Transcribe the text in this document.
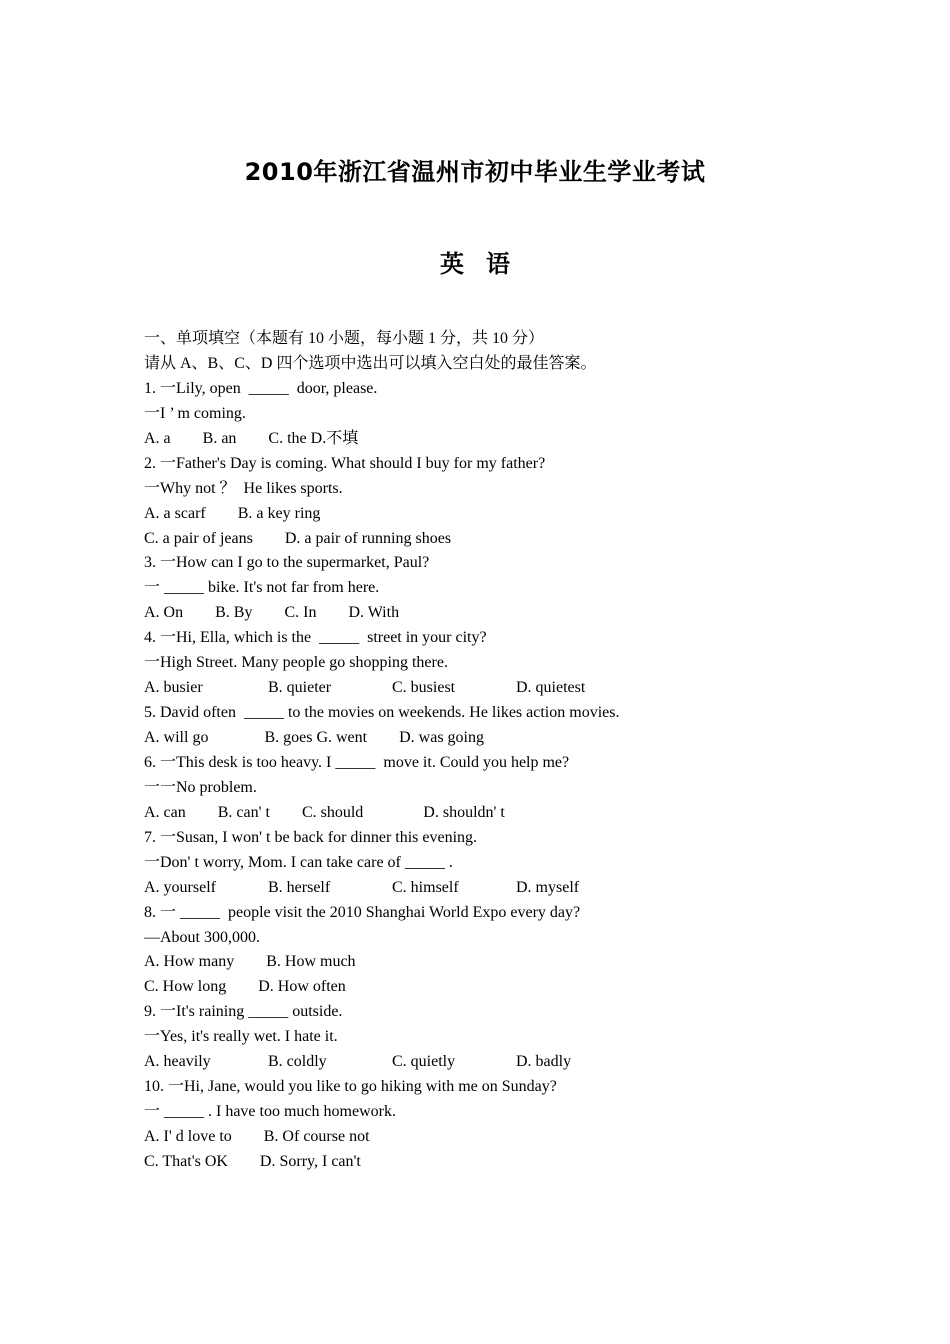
2010年浙江省温州市初中毕业生学业考试
英语
一、单项填空（本题有 10 小题，每小题 1 分，共 10 分）
请从 A、B、C、D 四个选项中选出可以填入空白处的最佳答案。
1. 一Lily, open  _____  door, please.
一I ’ m coming.
A. a        B. an        C. the D.不填
2. 一Father's Day is coming. What should I buy for my father?
一Why not ？  He likes sports.
A. a scarf        B. a key ring
C. a pair of jeans        D. a pair of running shoes
3. 一How can I go to the supermarket, Paul?
一 _____ bike. It's not far from here.
A. On        B. By        C. In        D. With
4. 一Hi, Ella, which is the  _____  street in your city?
一High Street. Many people go shopping there.
A. busier	B. quieter	C. busiest	D. quietest
5. David often  _____ to the movies on weekends. He likes action movies.
A. will go              B. goes G. went        D. was going
6. 一This desk is too heavy. I _____  move it. Could you help me?
一一No problem.
A. can        B. can' t        C. should               D. shouldn' t
7. 一Susan, I won' t be back for dinner this evening.
一Don' t worry, Mom. I can take care of _____ .
A. yourself	B. herself	C. himself	D. myself
8. 一 _____  people visit the 2010 Shanghai World Expo every day?
—About 300,000.
A. How many        B. How much
C. How long        D. How often
9. 一It's raining _____ outside.
一Yes, it's really wet. I hate it.
A. heavily	B. coldly	C. quietly	D. badly
10. 一Hi, Jane, would you like to go hiking with me on Sunday?
一 _____ . I have too much homework.
A. I' d love to        B. Of course not
C. That's OK        D. Sorry, I can't
